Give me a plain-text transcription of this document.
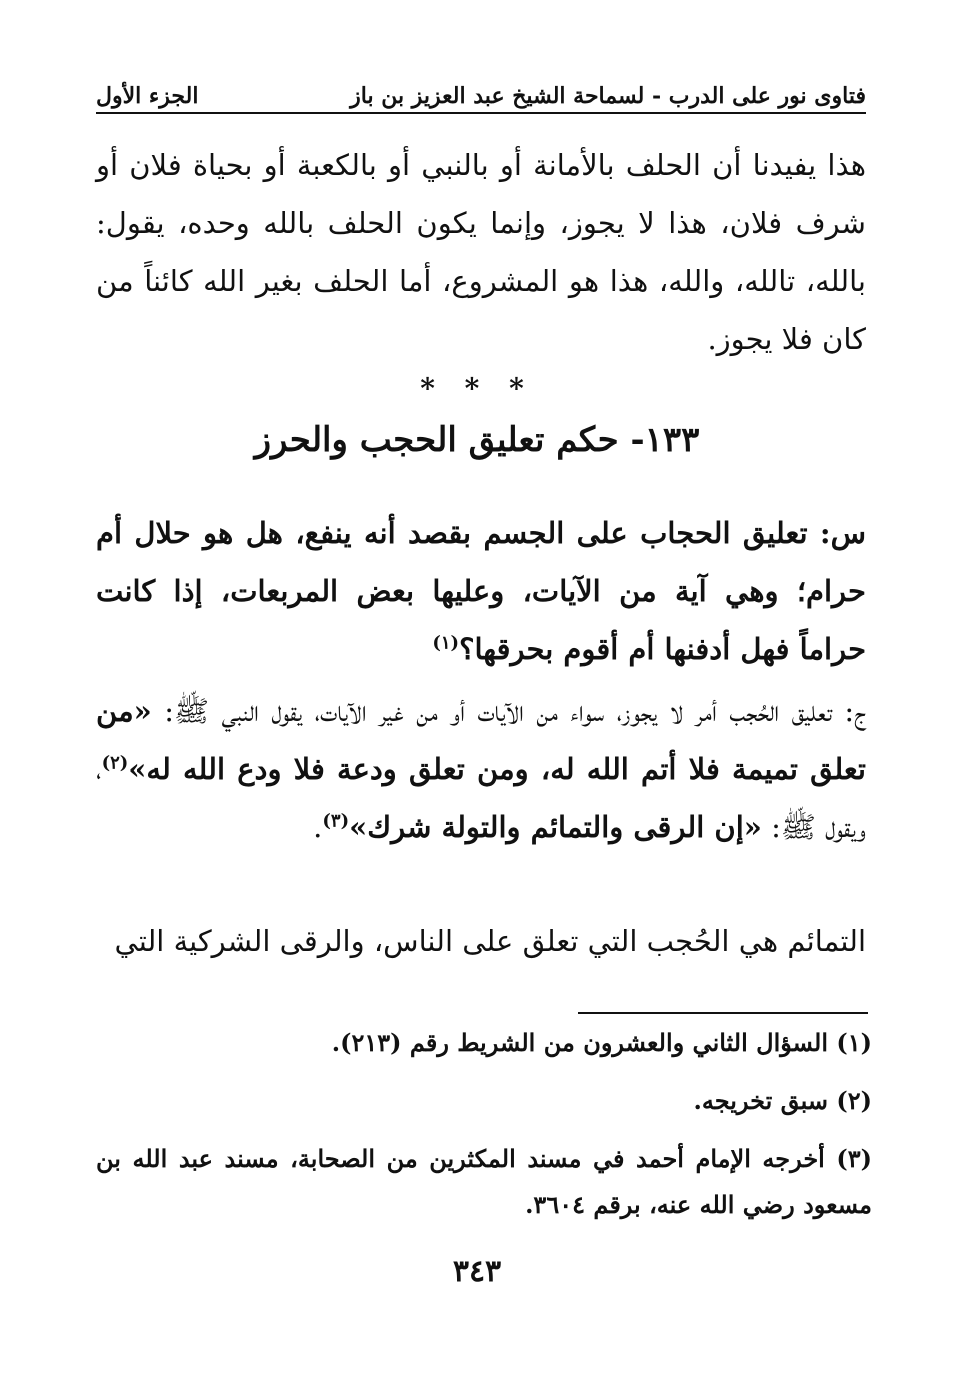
فتاوى نور على الدرب - لسماحة الشيخ عبد العزيز بن باز
الجزء الأول

هذا يفيدنا أن الحلف بالأمانة أو بالنبي أو بالكعبة أو بحياة فلان أو شرف فلان، هذا لا يجوز، وإنما يكون الحلف بالله وحده، يقول: بالله، تالله، والله، هذا هو المشروع، أما الحلف بغير الله كائناً من كان فلا يجوز.

* * *
١٣٣- حكم تعليق الحجب والحرز

س: تعليق الحجاب على الجسم بقصد أنه ينفع، هل هو حلال أم حرام؛ وهي آية من الآيات، وعليها بعض المربعات، إذا كانت حراماً فهل أدفنها أم أقوم بحرقها؟$^{(١)}$

ج: تعليق الحُجب أمر لا يجوز، سواء من الآيات أو من غير الآيات، يقول النبي ﷺ: «من تعلق تميمة فلا أتم الله له، ومن تعلق ودعة فلا ودع الله له»$^{(٢)}$، ويقول ﷺ: «إن الرقى والتمائم والتولة شرك»$^{(٣)}$.

التمائم هي الحُجب التي تعلق على الناس، والرقى الشركية التي

(١) السؤال الثاني والعشرون من الشريط رقم (٢١٣).

(٢) سبق تخريجه.

(٣) أخرجه الإمام أحمد في مسند المكثرين من الصحابة، مسند عبد الله بن مسعود رضي الله عنه، برقم ٣٦٠٤.

٣٤٣
